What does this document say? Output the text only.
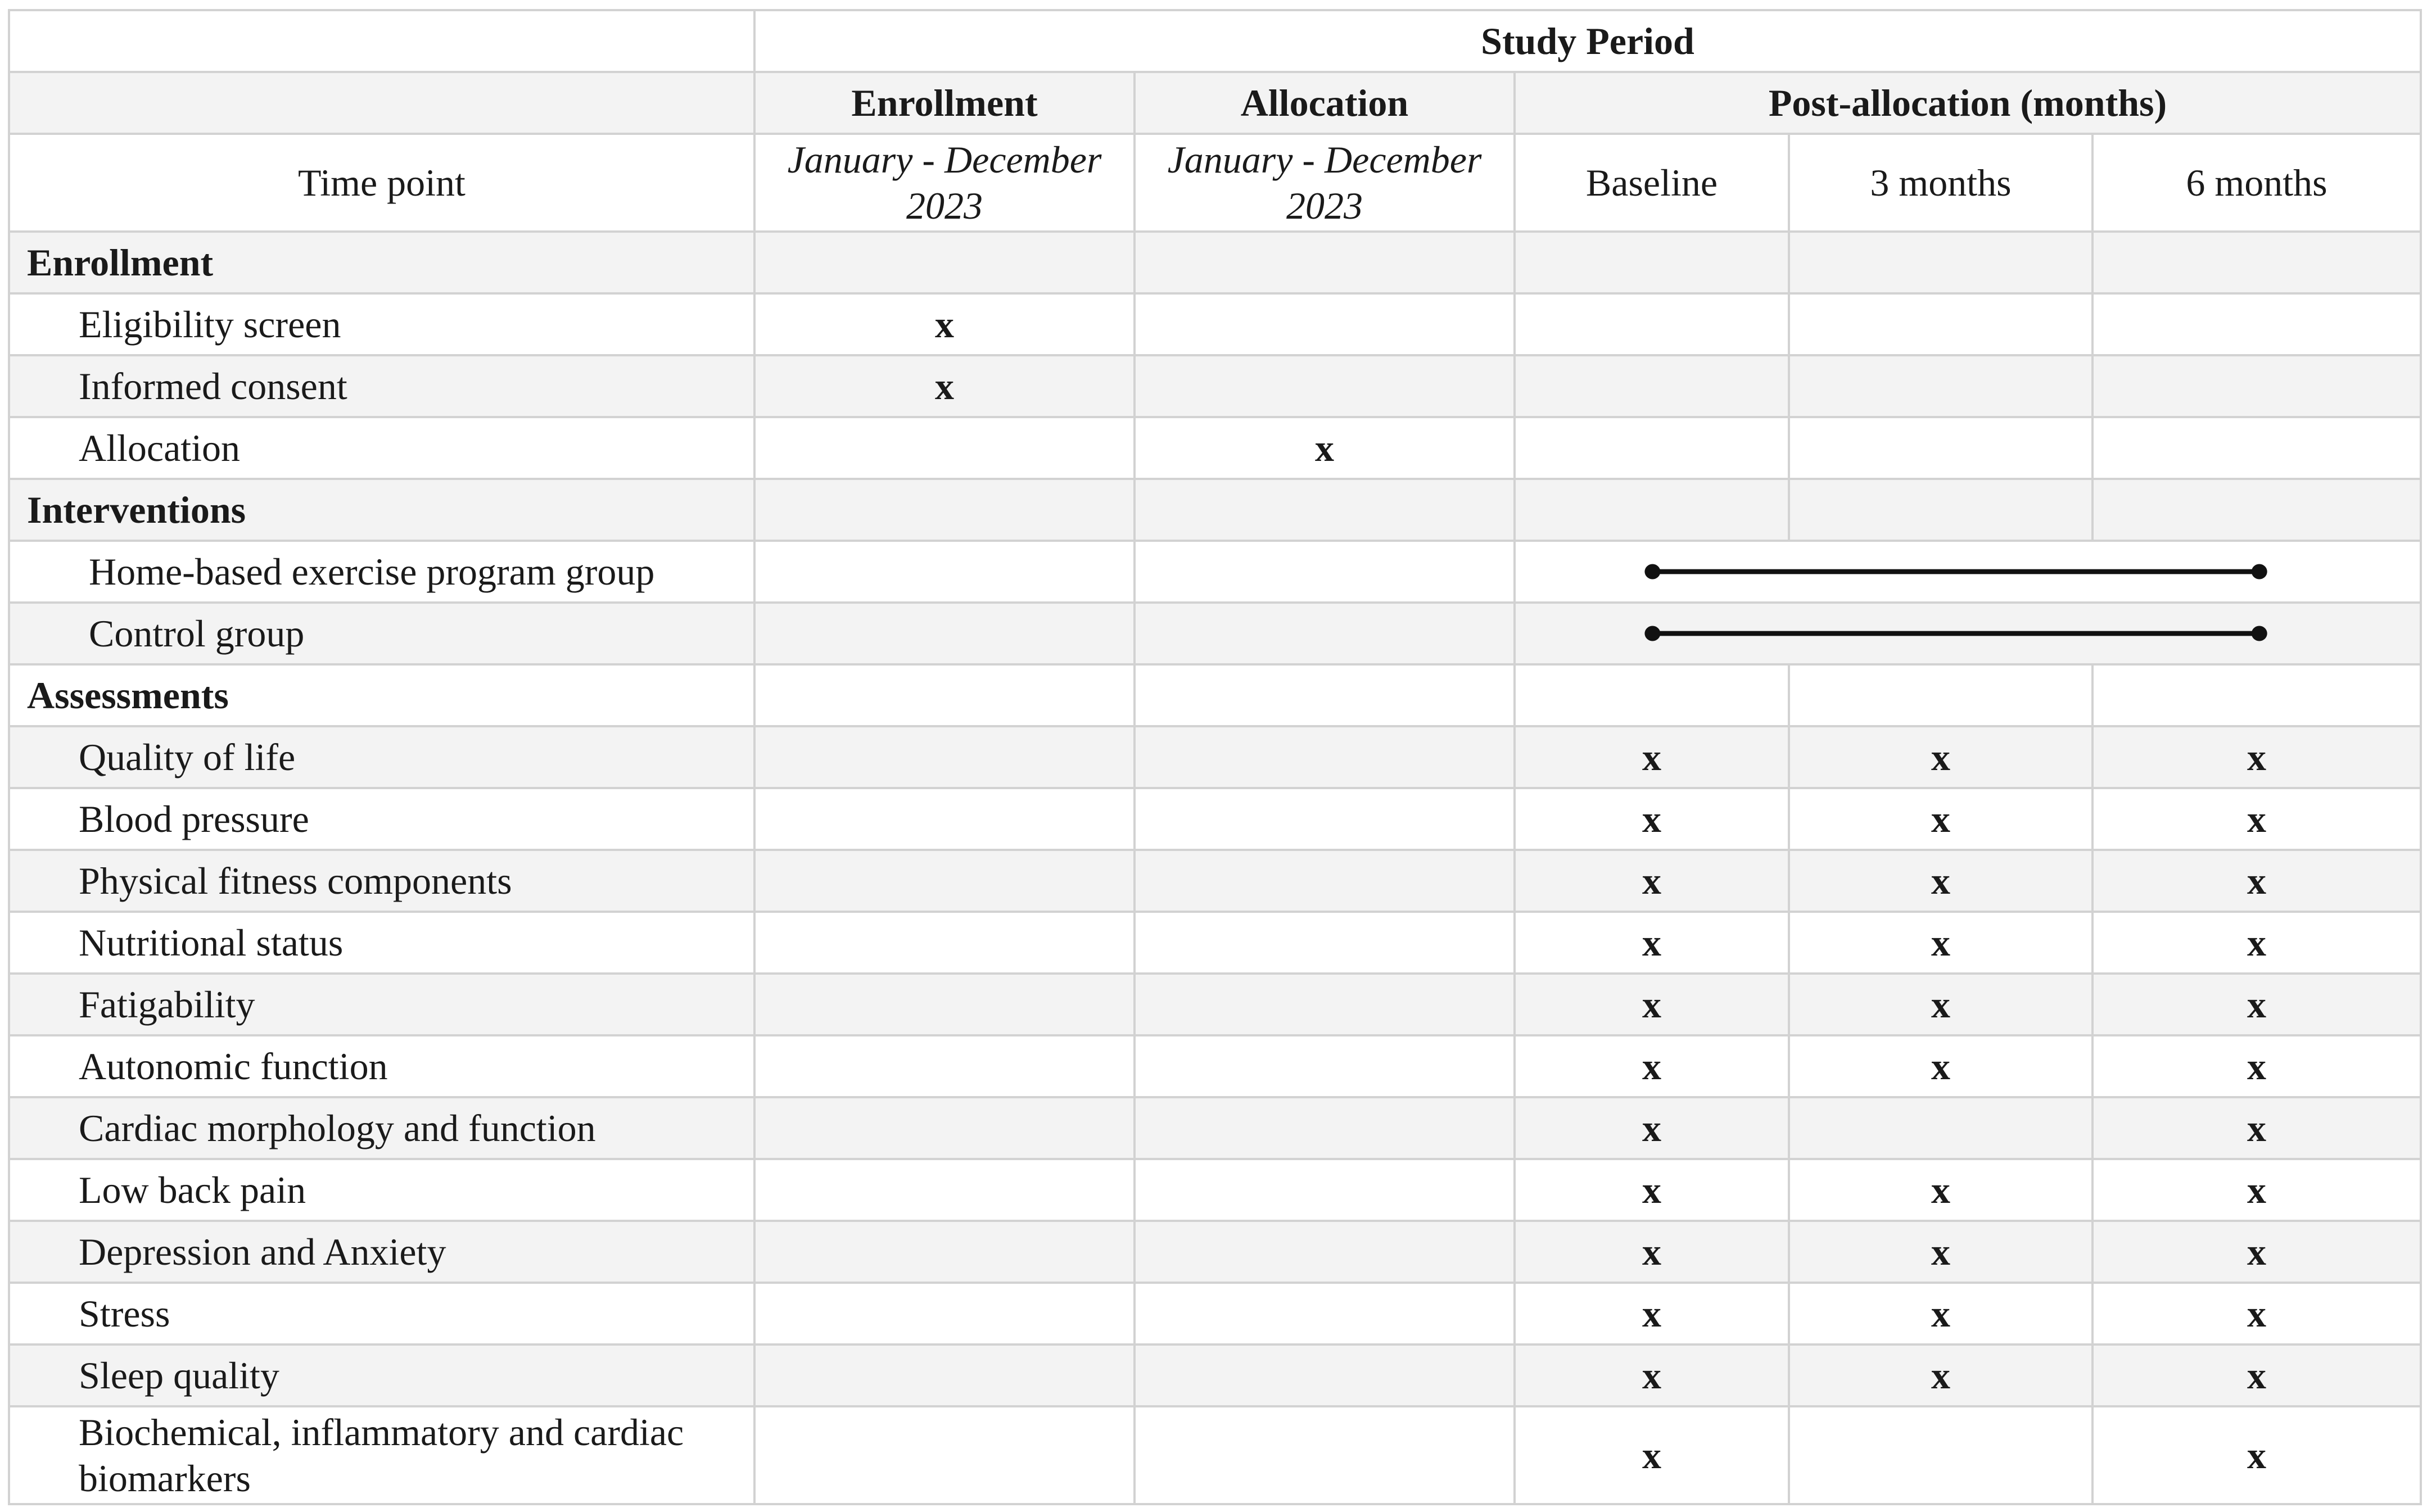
	Study Period				
	Enrollment	Allocation	Post-allocation (months)		
Time point	January - December 2023	January - December 2023	Baseline	3 months	6 months
Enrollment					
Eligibility screen	x				
Informed consent	x				
Allocation		x			
Interventions					
Home-based exercise program group			

Control group			

Assessments					
Quality of life			x	x	x
Blood pressure			x	x	x
Physical fitness components			x	x	x
Nutritional status			x	x	x
Fatigability			x	x	x
Autonomic function			x	x	x
Cardiac morphology and function			x		x
Low back pain			x	x	x
Depression and Anxiety			x	x	x
Stress			x	x	x
Sleep quality			x	x	x
Biochemical, inflammatory and cardiac biomarkers			x		x
